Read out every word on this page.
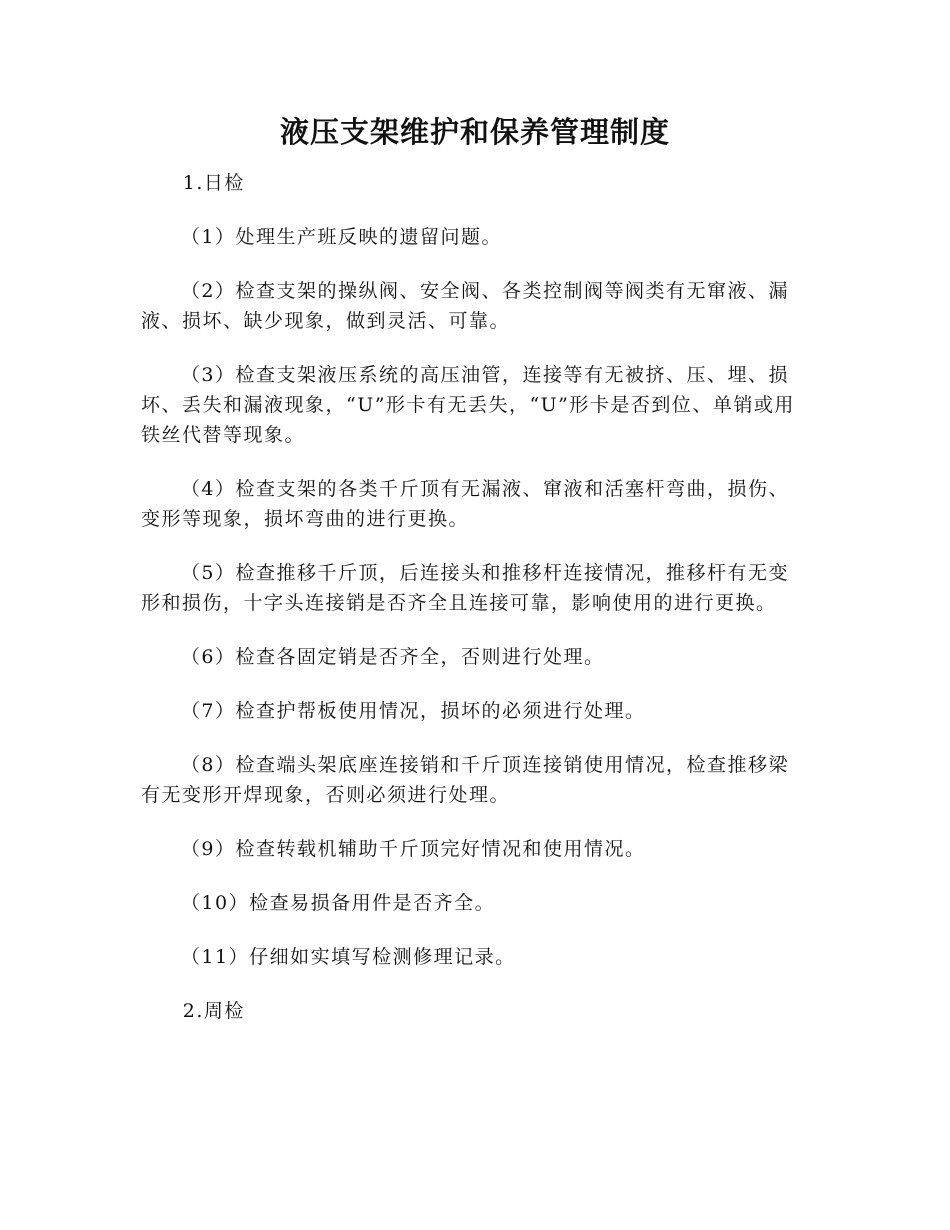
液压支架维护和保养管理制度

1.日检

（1）处理生产班反映的遗留问题。

（2）检查支架的操纵阀、安全阀、各类控制阀等阀类有无窜液、漏液、损坏、缺少现象，做到灵活、可靠。

（3）检查支架液压系统的高压油管，连接等有无被挤、压、埋、损坏、丢失和漏液现象，“U”形卡有无丢失，“U”形卡是否到位、单销或用铁丝代替等现象。

（4）检查支架的各类千斤顶有无漏液、窜液和活塞杆弯曲，损伤、变形等现象，损坏弯曲的进行更换。

（5）检查推移千斤顶，后连接头和推移杆连接情况，推移杆有无变形和损伤，十字头连接销是否齐全且连接可靠，影响使用的进行更换。

（6）检查各固定销是否齐全，否则进行处理。

（7）检查护帮板使用情况，损坏的必须进行处理。

（8）检查端头架底座连接销和千斤顶连接销使用情况，检查推移梁有无变形开焊现象，否则必须进行处理。

（9）检查转载机辅助千斤顶完好情况和使用情况。

（10）检查易损备用件是否齐全。

（11）仔细如实填写检测修理记录。

2.周检
